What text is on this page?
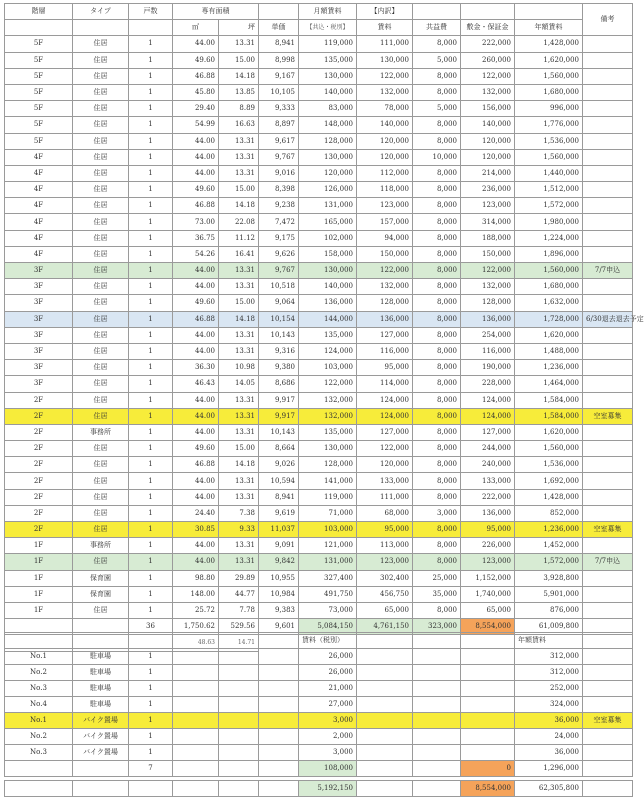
階層	タイプ	戸数	専有面積			月額賃料	【内訳】				備考
			㎡	坪	単価	【共込・税別】	賃料	共益費	敷金・保証金	年額賃料	
5F	住居	1	44.00	13.31	8,941	119,000	111,000	8,000	222,000	1,428,000	
5F	住居	1	49.60	15.00	8,998	135,000	130,000	5,000	260,000	1,620,000	
5F	住居	1	46.88	14.18	9,167	130,000	122,000	8,000	122,000	1,560,000	
5F	住居	1	45.80	13.85	10,105	140,000	132,000	8,000	132,000	1,680,000	
5F	住居	1	29.40	8.89	9,333	83,000	78,000	5,000	156,000	996,000	
5F	住居	1	54.99	16.63	8,897	148,000	140,000	8,000	140,000	1,776,000	
5F	住居	1	44.00	13.31	9,617	128,000	120,000	8,000	120,000	1,536,000	
4F	住居	1	44.00	13.31	9,767	130,000	120,000	10,000	120,000	1,560,000	
4F	住居	1	44.00	13.31	9,016	120,000	112,000	8,000	214,000	1,440,000	
4F	住居	1	49.60	15.00	8,398	126,000	118,000	8,000	236,000	1,512,000	
4F	住居	1	46.88	14.18	9,238	131,000	123,000	8,000	123,000	1,572,000	
4F	住居	1	73.00	22.08	7,472	165,000	157,000	8,000	314,000	1,980,000	
4F	住居	1	36.75	11.12	9,175	102,000	94,000	8,000	188,000	1,224,000	
4F	住居	1	54.26	16.41	9,626	158,000	150,000	8,000	150,000	1,896,000	
3F	住居	1	44.00	13.31	9,767	130,000	122,000	8,000	122,000	1,560,000	7/7申込
3F	住居	1	44.00	13.31	10,518	140,000	132,000	8,000	132,000	1,680,000	
3F	住居	1	49.60	15.00	9,064	136,000	128,000	8,000	128,000	1,632,000	
3F	住居	1	46.88	14.18	10,154	144,000	136,000	8,000	136,000	1,728,000	6/30退去退去予定
3F	住居	1	44.00	13.31	10,143	135,000	127,000	8,000	254,000	1,620,000	
3F	住居	1	44.00	13.31	9,316	124,000	116,000	8,000	116,000	1,488,000	
3F	住居	1	36.30	10.98	9,380	103,000	95,000	8,000	190,000	1,236,000	
3F	住居	1	46.43	14.05	8,686	122,000	114,000	8,000	228,000	1,464,000	
2F	住居	1	44.00	13.31	9,917	132,000	124,000	8,000	124,000	1,584,000	
2F	住居	1	44.00	13.31	9,917	132,000	124,000	8,000	124,000	1,584,000	空室募集
2F	事務所	1	44.00	13.31	10,143	135,000	127,000	8,000	127,000	1,620,000	
2F	住居	1	49.60	15.00	8,664	130,000	122,000	8,000	244,000	1,560,000	
2F	住居	1	46.88	14.18	9,026	128,000	120,000	8,000	240,000	1,536,000	
2F	住居	1	44.00	13.31	10,594	141,000	133,000	8,000	133,000	1,692,000	
2F	住居	1	44.00	13.31	8,941	119,000	111,000	8,000	222,000	1,428,000	
2F	住居	1	24.40	7.38	9,619	71,000	68,000	3,000	136,000	852,000	
2F	住居	1	30.85	9.33	11,037	103,000	95,000	8,000	95,000	1,236,000	空室募集
1F	事務所	1	44.00	13.31	9,091	121,000	113,000	8,000	226,000	1,452,000	
1F	住居	1	44.00	13.31	9,842	131,000	123,000	8,000	123,000	1,572,000	7/7申込
1F	保育園	1	98.80	29.89	10,955	327,400	302,400	25,000	1,152,000	3,928,800	
1F	保育園	1	148.00	44.77	10,984	491,750	456,750	35,000	1,740,000	5,901,000	
1F	住居	1	25.72	7.78	9,383	73,000	65,000	8,000	65,000	876,000	
		36	1,750.62	529.56	9,601	5,084,150	4,761,150	323,000	8,554,000	61,009,800	
			48.63	14.71							
							賃料（税別）				年額賃料	
No.1	駐車場	1				26,000				312,000	
No.2	駐車場	1				26,000				312,000	
No.3	駐車場	1				21,000				252,000	
No.4	駐車場	1				27,000				324,000	
No.1	バイク置場	1				3,000				36,000	空室募集
No.2	バイク置場	1				2,000				24,000	
No.3	バイク置場	1				3,000				36,000	
		7				108,000			0	1,296,000	
						5,192,150			8,554,000	62,305,800	
